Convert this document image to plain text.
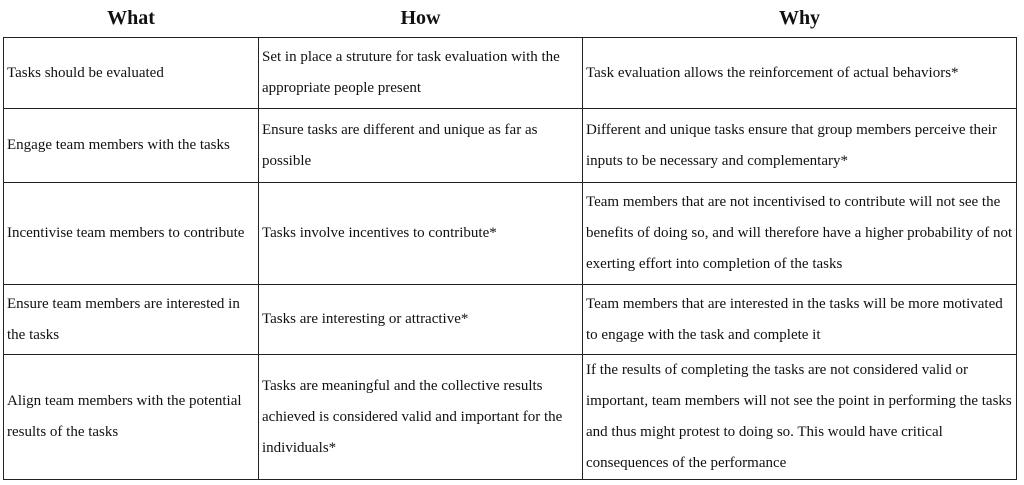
What	How	Why
Tasks should be evaluated	Set in place a struture for task evaluation with the appropriate people present	Task evaluation allows the reinforcement of actual behaviors*
Engage team members with the tasks	Ensure tasks are different and unique as far as possible	Different and unique tasks ensure that group members perceive their inputs to be necessary and complementary*
Incentivise team members to contribute	Tasks involve incentives to contribute*	Team members that are not incentivised to contribute will not see the benefits of doing so, and will therefore have a higher probability of not exerting effort into completion of the tasks
Ensure team members are interested in the tasks	Tasks are interesting or attractive*	Team members that are interested in the tasks will be more motivated to engage with the task and complete it
Align team members with the potential results of the tasks	Tasks are meaningful and the collective results achieved is considered valid and important for the individuals*	If the results of completing the tasks are not considered valid or important, team members will not see the point in performing the tasks and thus might protest to doing so. This would have critical consequences of the performance
